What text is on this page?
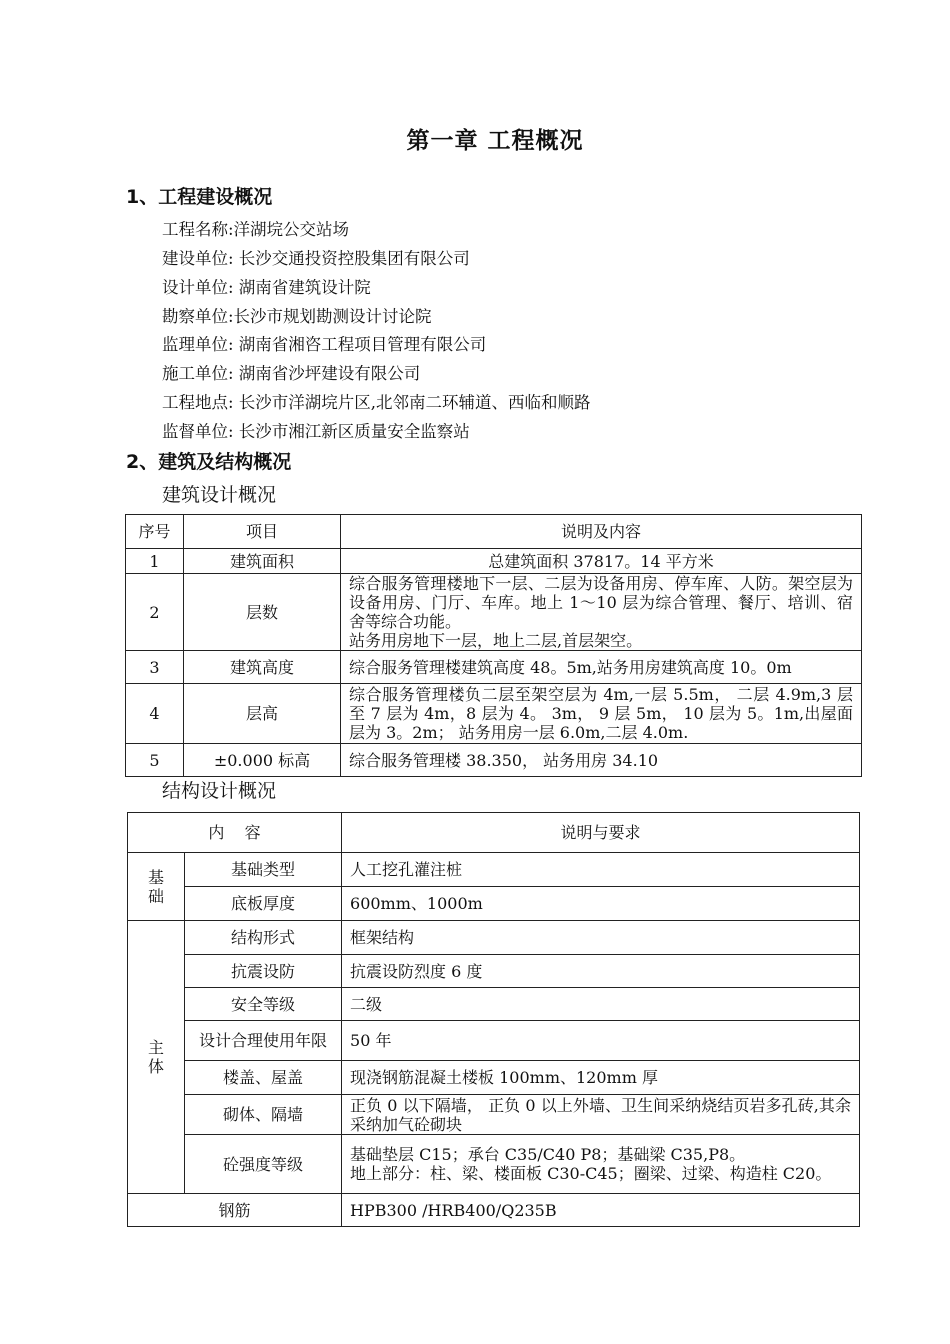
第一章 工程概况
1、工程建设概况
工程名称:洋湖垸公交站场
建设单位: 长沙交通投资控股集团有限公司
设计单位: 湖南省建筑设计院
勘察单位:长沙市规划勘测设计讨论院
监理单位: 湖南省湘咨工程项目管理有限公司
施工单位: 湖南省沙坪建设有限公司
工程地点: 长沙市洋湖垸片区,北邻南二环辅道、西临和顺路
监督单位: 长沙市湘江新区质量安全监察站
2、建筑及结构概况
建筑设计概况
序号	项目	说明及内容
1	建筑面积	总建筑面积 37817。14 平方米
2	层数	综合服务管理楼地下一层、二层为设备用房、停车库、人防。架空层为设备用房、门厅、车库。地上 1～10 层为综合管理、餐厅、培训、宿舍等综合功能。
站务用房地下一层，地上二层,首层架空。

3	建筑高度	综合服务管理楼建筑高度 48。5m,站务用房建筑高度 10。0m
4	层高	综合服务管理楼负二层至架空层为 4m,一层 5.5m， 二层 4.9m,3 层至 7 层为 4m，8 层为 4。 3m， 9 层 5m， 10 层为 5。1m,出屋面层为 3。2m； 站务用房一层 6.0m,二层 4.0m.
5	±0.000 标高	综合服务管理楼 38.350， 站务用房 34.10
结构设计概况
内    容		说明与要求

基础	基础类型	人工挖孔灌注桩
	底板厚度	600mm、1000m

主体	结构形式	框架结构
	抗震设防	抗震设防烈度 6 度
	安全等级	二级
	设计合理使用年限	50 年
	楼盖、屋盖	现浇钢筋混凝土楼板 100mm、120mm 厚
	砌体、隔墙	正负 0 以下隔墙， 正负 0 以上外墙、卫生间采纳烧结页岩多孔砖,其余采纳加气砼砌块
	砼强度等级	基础垫层 C15；承台 C35/C40 P8；基础梁 C35,P8。
地上部分：柱、梁、楼面板 C30-C45；圈梁、过梁、构造柱 C20。

钢筋		HPB300 /HRB400/Q235B
